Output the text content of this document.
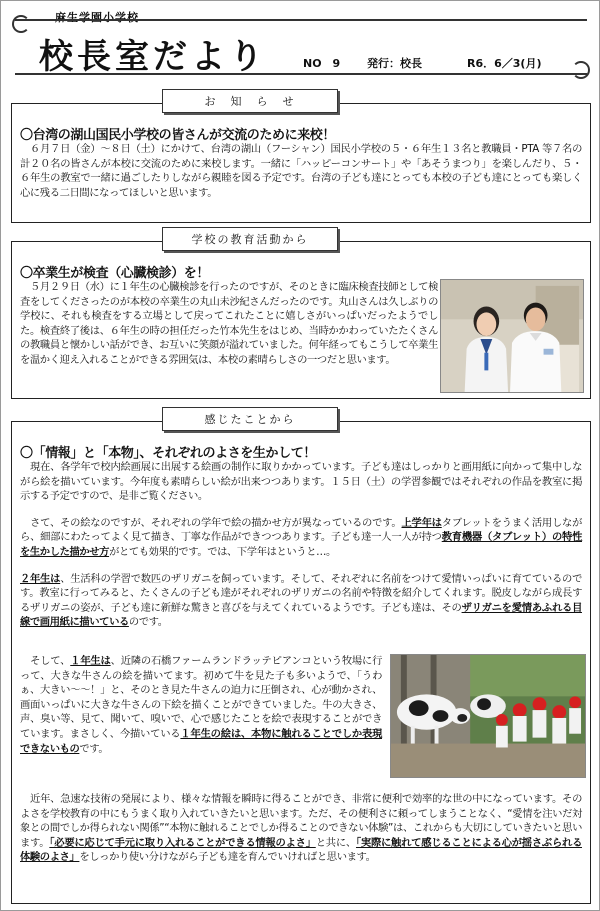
麻生学園小学校
校長室だより	NO　9 発行：校長	R6．6／3(月)
お　知　ら　せ
〇台湾の湖山国民小学校の皆さんが交流のために来校！

　６月７日（金）～８日（土）にかけて、台湾の湖山（フーシャン）国民小学校の５・６年生１３名と教職員・PTA 等７名の計２０名の皆さんが本校に交流のために来校します。一緒に「ハッピーコンサート」や「あそうまつり」を楽しんだり、５・６年生の教室で一緒に過ごしたりしながら親睦を図る予定です。台湾の子ども達にとっても本校の子ども達にとっても楽しく心に残る二日間になってほしいと思います。

学校の教育活動から
〇卒業生が検査（心臓検診）を！

　５月２９日（水）に１年生の心臓検診を行ったのですが、そのときに臨床検査技師として検査をしてくださったのが本校の卒業生の丸山未沙紀さんだったのです。丸山さんは久しぶりの学校に、それも検査をする立場として戻ってこれたことに嬉しさがいっぱいだったようでした。検査終了後は、６年生の時の担任だった竹本先生をはじめ、当時かかわっていたたくさんの教職員と懐かしい話ができ、お互いに笑顔が溢れていました。何年経ってもこうして卒業生を温かく迎え入れることができる雰囲気は、本校の素晴らしさの一つだと思います。

感じたことから
〇「情報」と「本物」、それぞれのよさを生かして！

　現在、各学年で校内絵画展に出展する絵画の制作に取りかかっています。子ども達はしっかりと画用紙に向かって集中しながら絵を描いています。今年度も素晴らしい絵が出来つつあります。１５日（土）の学習参観ではそれぞれの作品を教室に掲示する予定ですので、是非ご覧ください。

　さて、その絵なのですが、それぞれの学年で絵の描かせ方が異なっているのです。上学年はタブレットをうまく活用しながら、細部にわたってよく見て描き、丁寧な作品ができつつあります。子ども達一人一人が持つ教育機器（タブレット）の特性を生かした描かせ方がとても効果的です。では、下学年はというと…。

２年生は、生活科の学習で数匹のザリガニを飼っています。そして、それぞれに名前をつけて愛情いっぱいに育てているのです。教室に行ってみると、たくさんの子ども達がそれぞれのザリガニの名前や特徴を紹介してくれます。脱皮しながら成長するザリガニの姿が、子ども達に新鮮な驚きと喜びを与えてくれているようです。子ども達は、そのザリガニを愛情あふれる目線で画用紙に描いているのです。

　そして、１年生は、近隣の石橋ファームランドラッテピアンコという牧場に行って、大きな牛さんの絵を描いてます。初めて牛を見た子も多いようで、「うわぁ、大きい～～！」と、そのとき見た牛さんの迫力に圧倒され、心が動かされ、画面いっぱいに大きな牛さんの下絵を描くことができていました。牛の大きさ、声、臭い等、見て、聞いて、嗅いで、心で感じたことを絵で表現することができています。まさしく、今描いている１年生の絵は、本物に触れることでしか表現できないものです。

　近年、急速な技術の発展により、様々な情報を瞬時に得ることができ、非常に便利で効率的な世の中になっています。そのよさを学校教育の中にもうまく取り入れていきたいと思います。ただ、その便利さに頼ってしまうことなく、“愛情を注いだ対象との間でしか得られない関係”“本物に触れることでしか得ることのできない体験”は、これからも大切にしていきたいと思います。「必要に応じて手元に取り入れることができる情報のよさ」と共に、「実際に触れて感じることによる心が揺さぶられる体験のよさ」をしっかり使い分けながら子ども達を育んでいければと思います。
